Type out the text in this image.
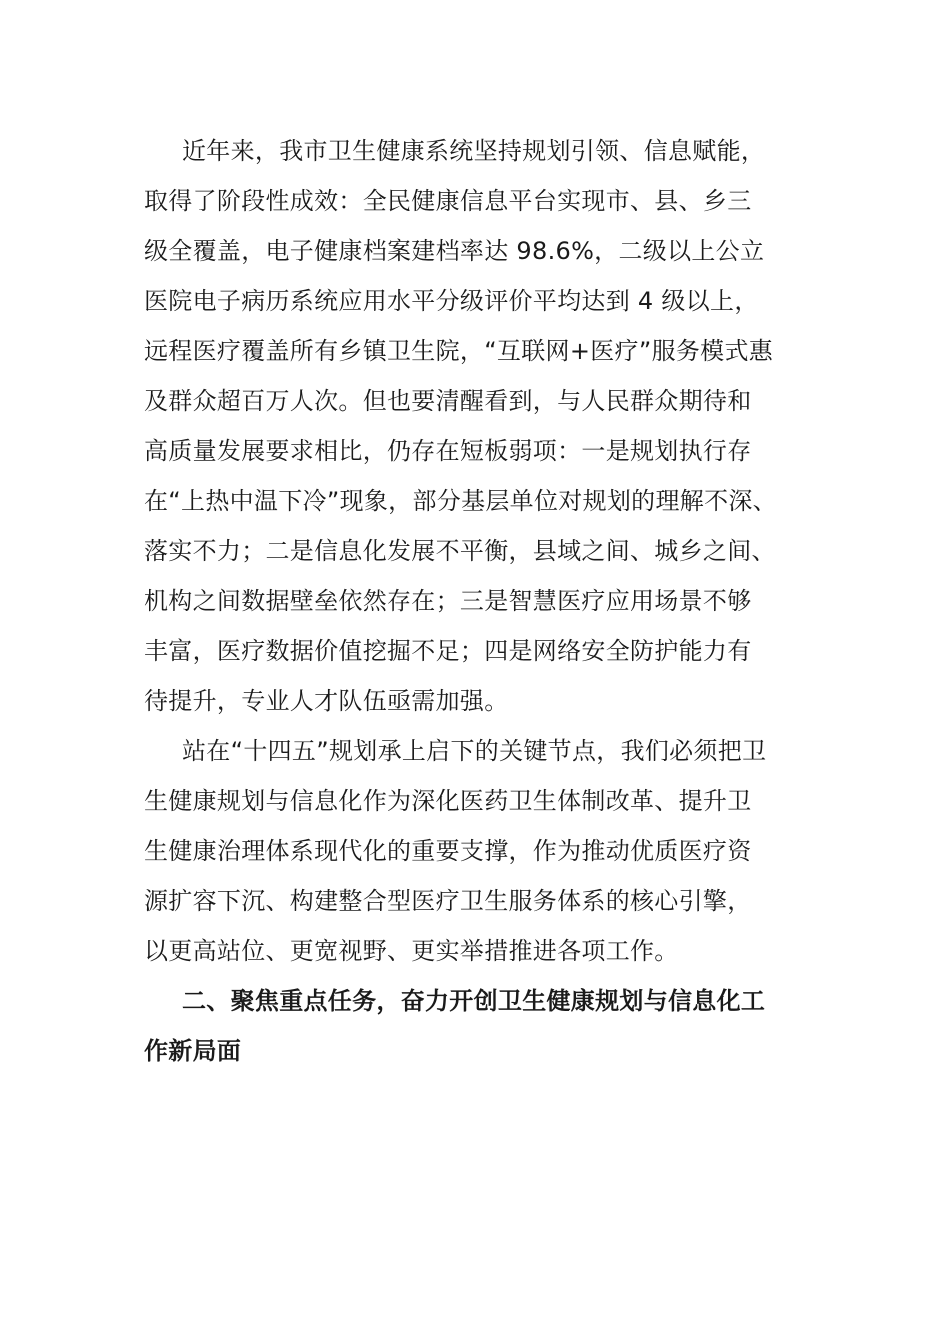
近年来，我市卫生健康系统坚持规划引领、信息赋能，
取得了阶段性成效：全民健康信息平台实现市、县、乡三
级全覆盖，电子健康档案建档率达 98.6%，二级以上公立
医院电子病历系统应用水平分级评价平均达到 4 级以上，
远程医疗覆盖所有乡镇卫生院，“互联网+医疗”服务模式惠
及群众超百万人次。但也要清醒看到，与人民群众期待和
高质量发展要求相比，仍存在短板弱项：一是规划执行存
在“上热中温下冷”现象，部分基层单位对规划的理解不深、
落实不力；二是信息化发展不平衡，县域之间、城乡之间、
机构之间数据壁垒依然存在；三是智慧医疗应用场景不够
丰富，医疗数据价值挖掘不足；四是网络安全防护能力有
待提升，专业人才队伍亟需加强。
站在“十四五”规划承上启下的关键节点，我们必须把卫
生健康规划与信息化作为深化医药卫生体制改革、提升卫
生健康治理体系现代化的重要支撑，作为推动优质医疗资
源扩容下沉、构建整合型医疗卫生服务体系的核心引擎，
以更高站位、更宽视野、更实举措推进各项工作。
二、聚焦重点任务，奋力开创卫生健康规划与信息化工
作新局面
